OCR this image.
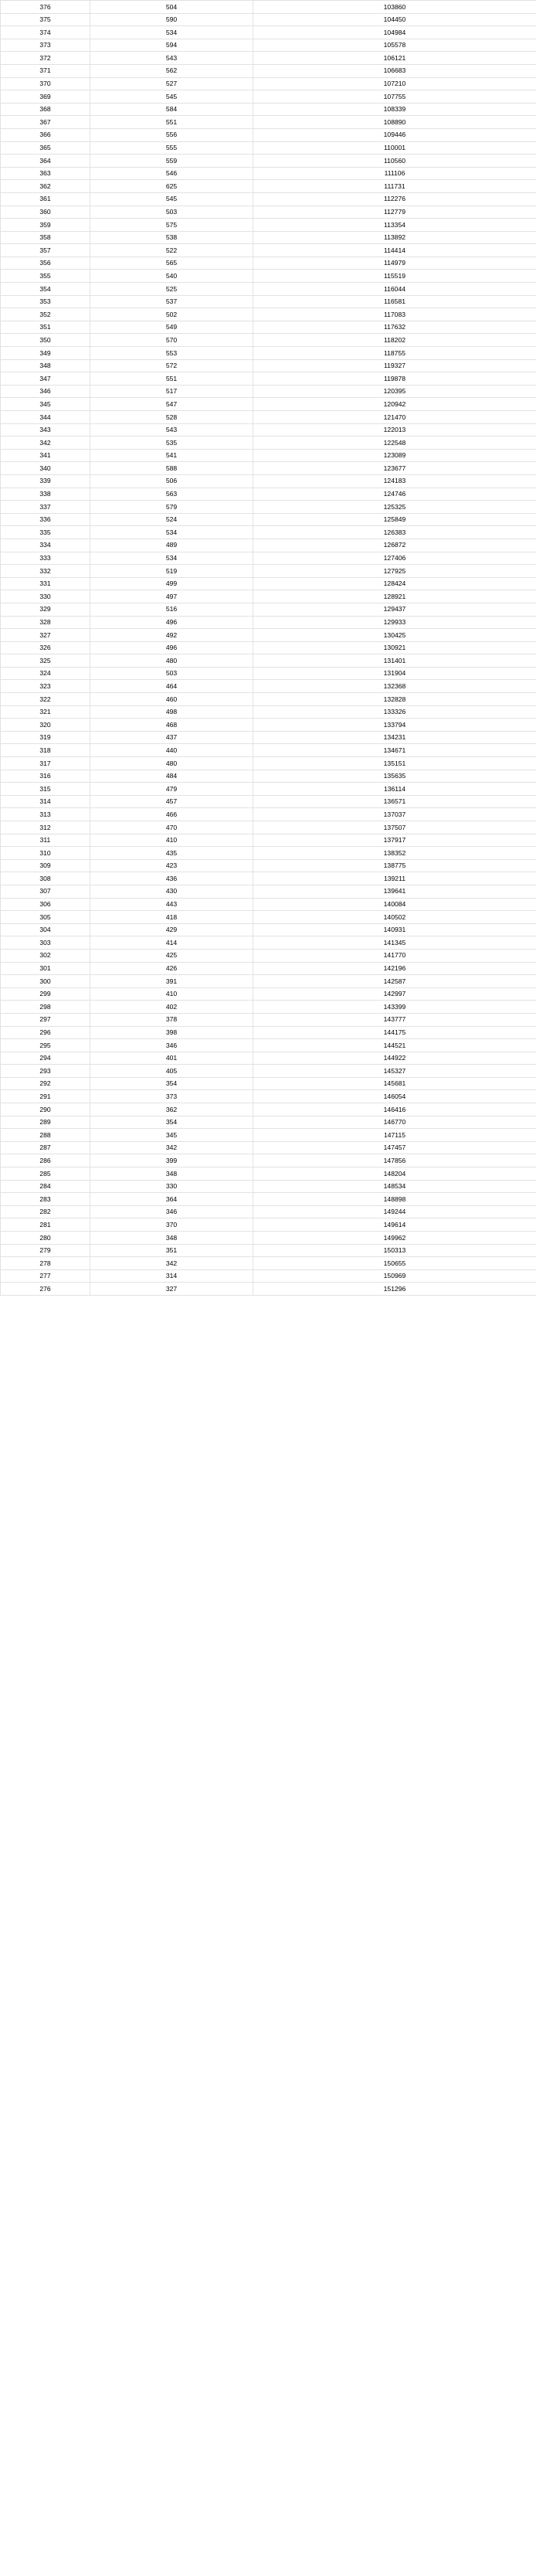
376	504	103860
375	590	104450
374	534	104984
373	594	105578
372	543	106121
371	562	106683
370	527	107210
369	545	107755
368	584	108339
367	551	108890
366	556	109446
365	555	110001
364	559	110560
363	546	111106
362	625	111731
361	545	112276
360	503	112779
359	575	113354
358	538	113892
357	522	114414
356	565	114979
355	540	115519
354	525	116044
353	537	116581
352	502	117083
351	549	117632
350	570	118202
349	553	118755
348	572	119327
347	551	119878
346	517	120395
345	547	120942
344	528	121470
343	543	122013
342	535	122548
341	541	123089
340	588	123677
339	506	124183
338	563	124746
337	579	125325
336	524	125849
335	534	126383
334	489	126872
333	534	127406
332	519	127925
331	499	128424
330	497	128921
329	516	129437
328	496	129933
327	492	130425
326	496	130921
325	480	131401
324	503	131904
323	464	132368
322	460	132828
321	498	133326
320	468	133794
319	437	134231
318	440	134671
317	480	135151
316	484	135635
315	479	136114
314	457	136571
313	466	137037
312	470	137507
311	410	137917
310	435	138352
309	423	138775
308	436	139211
307	430	139641
306	443	140084
305	418	140502
304	429	140931
303	414	141345
302	425	141770
301	426	142196
300	391	142587
299	410	142997
298	402	143399
297	378	143777
296	398	144175
295	346	144521
294	401	144922
293	405	145327
292	354	145681
291	373	146054
290	362	146416
289	354	146770
288	345	147115
287	342	147457
286	399	147856
285	348	148204
284	330	148534
283	364	148898
282	346	149244
281	370	149614
280	348	149962
279	351	150313
278	342	150655
277	314	150969
276	327	151296
